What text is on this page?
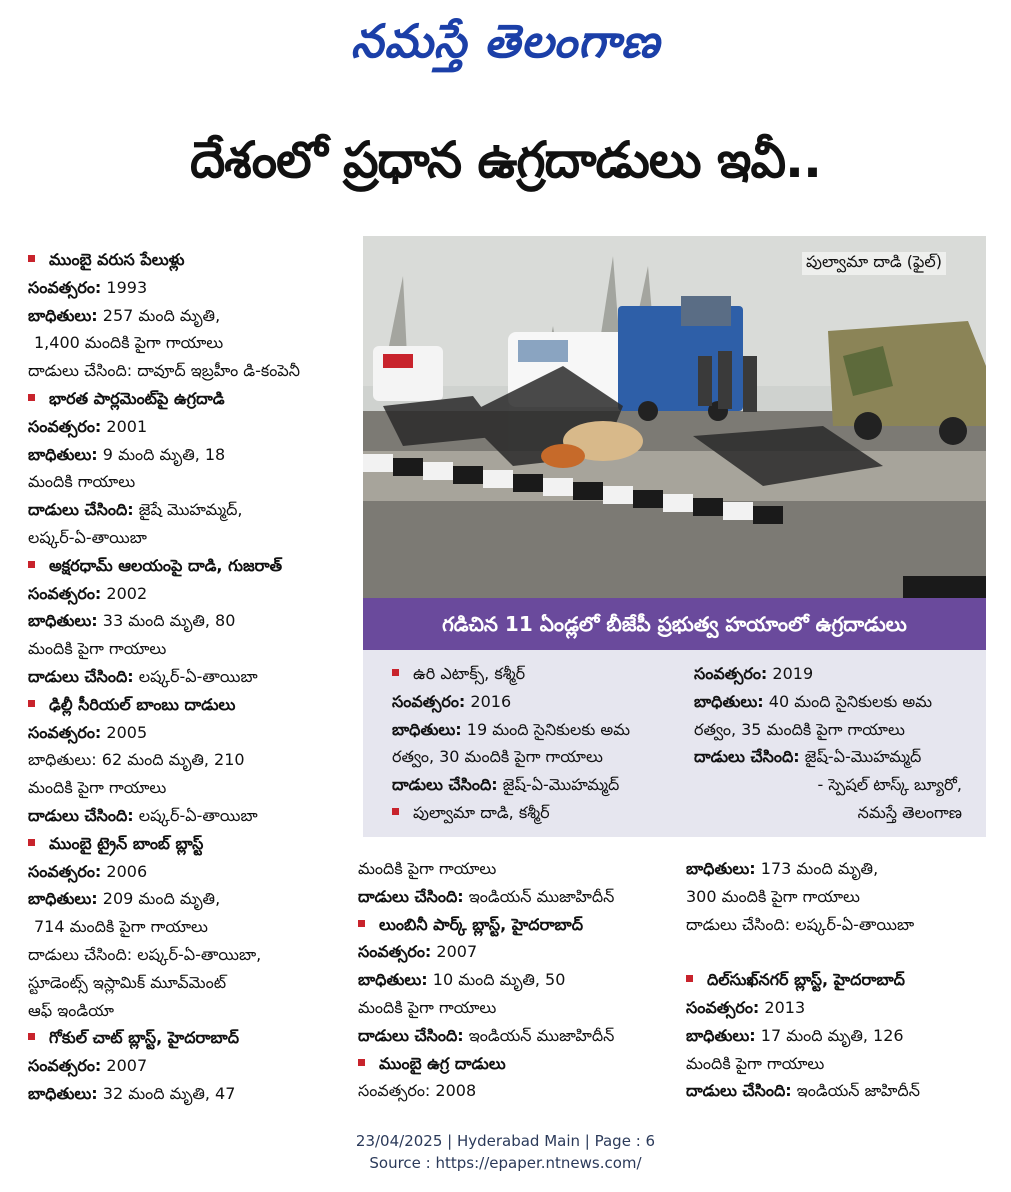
నమస్తే తెలంగాణ
దేశంలో ప్రధాన ఉగ్రదాడులు ఇవీ..
ముంబై వరుస పేలుళ్లు
సంవత్సరం: 1993
బాధితులు: 257 మంది మృతి,
1,400 మందికి పైగా గాయాలు
దాడులు చేసింది: దావూద్ ఇబ్రహీం డి-కంపెనీ
భారత పార్లమెంట్‌పై ఉగ్రదాడి
సంవత్సరం: 2001
బాధితులు: 9 మంది మృతి, 18
మందికి గాయాలు
దాడులు చేసింది: జైషే మొహమ్మద్,
లష్కర్-ఏ-తాయిబా
అక్షరధామ్ ఆలయంపై దాడి, గుజరాత్
సంవత్సరం: 2002
బాధితులు: 33 మంది మృతి, 80
మందికి పైగా గాయాలు
దాడులు చేసింది: లష్కర్-ఏ-తాయిబా
ఢిల్లీ సీరియల్ బాంబు దాడులు
సంవత్సరం: 2005
బాధితులు: 62 మంది మృతి, 210
మందికి పైగా గాయాలు
దాడులు చేసింది: లష్కర్-ఏ-తాయిబా
ముంబై ట్రైన్ బాంబ్ బ్లాస్ట్
సంవత్సరం: 2006
బాధితులు: 209 మంది మృతి,
714 మందికి పైగా గాయాలు
దాడులు చేసింది: లష్కర్-ఏ-తాయిబా,
స్టూడెంట్స్ ఇస్లామిక్ మూవ్‌మెంట్
ఆఫ్ ఇండియా
గోకుల్ చాట్ బ్లాస్ట్, హైదరాబాద్
సంవత్సరం: 2007
బాధితులు: 32 మంది మృతి, 47
పుల్వామా దాడి (ఫైల్)
గడిచిన 11 ఏండ్లలో బీజేపీ ప్రభుత్వ హయాంలో ఉగ్రదాడులు
ఉరి ఎటాక్స్, కశ్మీర్
సంవత్సరం: 2016
బాధితులు: 19 మంది సైనికులకు అమ
రత్వం, 30 మందికి పైగా గాయాలు
దాడులు చేసింది: జైష్-ఏ-మొహమ్మద్
పుల్వామా దాడి, కశ్మీర్
సంవత్సరం: 2019
బాధితులు: 40 మంది సైనికులకు అమ
రత్వం, 35 మందికి పైగా గాయాలు
దాడులు చేసింది: జైష్-ఏ-మొహమ్మద్
- స్పెషల్ టాస్క్ బ్యూరో,
నమస్తే తెలంగాణ
మందికి పైగా గాయాలు
దాడులు చేసింది: ఇండియన్ ముజాహిదీన్
లుంబినీ పార్క్ బ్లాస్ట్, హైదరాబాద్
సంవత్సరం: 2007
బాధితులు: 10 మంది మృతి, 50
మందికి పైగా గాయాలు
దాడులు చేసింది: ఇండియన్ ముజాహిదీన్
ముంబై ఉగ్ర దాడులు
సంవత్సరం: 2008
బాధితులు: 173 మంది మృతి,
300 మందికి పైగా గాయాలు
దాడులు చేసింది: లష్కర్-ఏ-తాయిబా
దిల్‌సుఖ్‌నగర్ బ్లాస్ట్, హైదరాబాద్
సంవత్సరం: 2013
బాధితులు: 17 మంది మృతి, 126
మందికి పైగా గాయాలు
దాడులు చేసింది: ఇండియన్ జాహిదీన్
23/04/2025 | Hyderabad Main | Page : 6
Source : https://epaper.ntnews.com/
